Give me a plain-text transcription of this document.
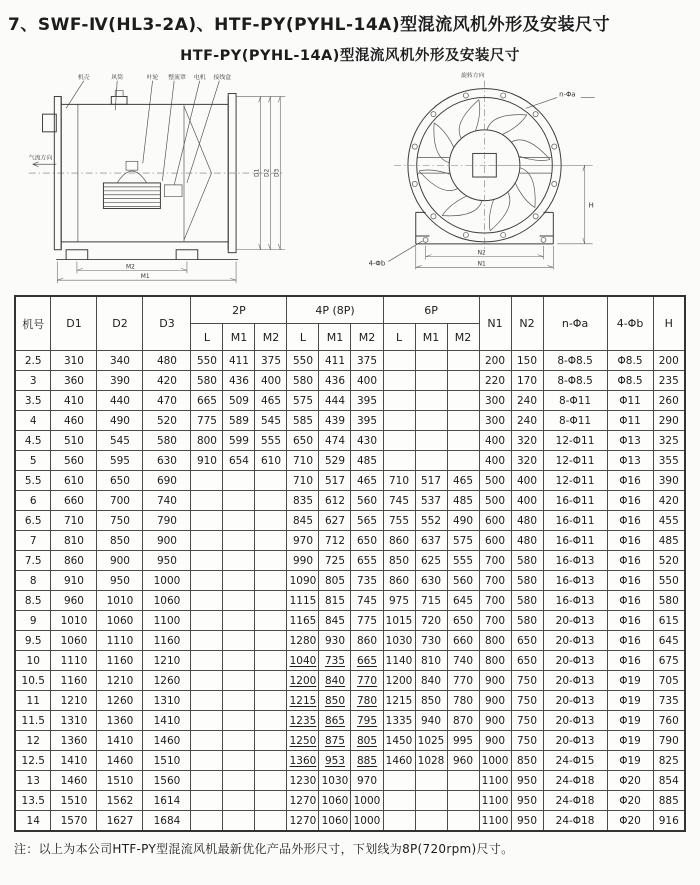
7、SWF-Ⅳ(HL3-2A)、HTF-PY(PYHL-14A)型混流风机外形及安装尺寸
HTF-PY(PYHL-14A)型混流风机外形及安装尺寸
机壳	风筒	叶轮 整流罩 电机 接线盒
气流方向
D1 D2 D3
M2
M1
旋转方向
n-Φa
H
N2
N1
4-Φb
机号	D1	D2	D3	2P			4P (8P)			6P			N1	N2	n-Φa	4-Φb	H
				L	M1	M2	L	M1	M2	L	M1	M2					
2.5	310	340	480	550	411	375	550	411	375				200	150	8-Φ8.5	Φ8.5	200
3	360	390	420	580	436	400	580	436	400				220	170	8-Φ8.5	Φ8.5	235
3.5	410	440	470	665	509	465	575	444	395				300	240	8-Φ11	Φ11	260
4	460	490	520	775	589	545	585	439	395				300	240	8-Φ11	Φ11	290
4.5	510	545	580	800	599	555	650	474	430				400	320	12-Φ11	Φ13	325
5	560	595	630	910	654	610	710	529	485				400	320	12-Φ11	Φ13	355
5.5	610	650	690				710	517	465	710	517	465	500	400	12-Φ11	Φ16	390
6	660	700	740				835	612	560	745	537	485	500	400	16-Φ11	Φ16	420
6.5	710	750	790				845	627	565	755	552	490	600	480	16-Φ11	Φ16	455
7	810	850	900				970	712	650	860	637	575	600	480	16-Φ11	Φ16	485
7.5	860	900	950				990	725	655	850	625	555	700	580	16-Φ13	Φ16	520
8	910	950	1000				1090	805	735	860	630	560	700	580	16-Φ13	Φ16	550
8.5	960	1010	1060				1115	815	745	975	715	645	700	580	16-Φ13	Φ16	580
9	1010	1060	1100				1165	845	775	1015	720	650	700	580	20-Φ13	Φ16	615
9.5	1060	1110	1160				1280	930	860	1030	730	660	800	650	20-Φ13	Φ16	645
10	1110	1160	1210				1040	735	665	1140	810	740	800	650	20-Φ13	Φ16	675
10.5	1160	1210	1260				1200	840	770	1200	840	770	900	750	20-Φ13	Φ19	705
11	1210	1260	1310				1215	850	780	1215	850	780	900	750	20-Φ13	Φ19	735
11.5	1310	1360	1410				1235	865	795	1335	940	870	900	750	20-Φ13	Φ19	760
12	1360	1410	1460				1250	875	805	1450	1025	995	900	750	20-Φ13	Φ19	790
12.5	1410	1460	1510				1360	953	885	1460	1028	960	1000	850	24-Φ15	Φ19	825
13	1460	1510	1560				1230	1030	970				1100	950	24-Φ18	Φ20	854
13.5	1510	1562	1614				1270	1060	1000				1100	950	24-Φ18	Φ20	885
14	1570	1627	1684				1270	1060	1000				1100	950	24-Φ18	Φ20	916
注：以上为本公司HTF-PY型混流风机最新优化产品外形尺寸，下划线为8P(720rpm)尺寸。
